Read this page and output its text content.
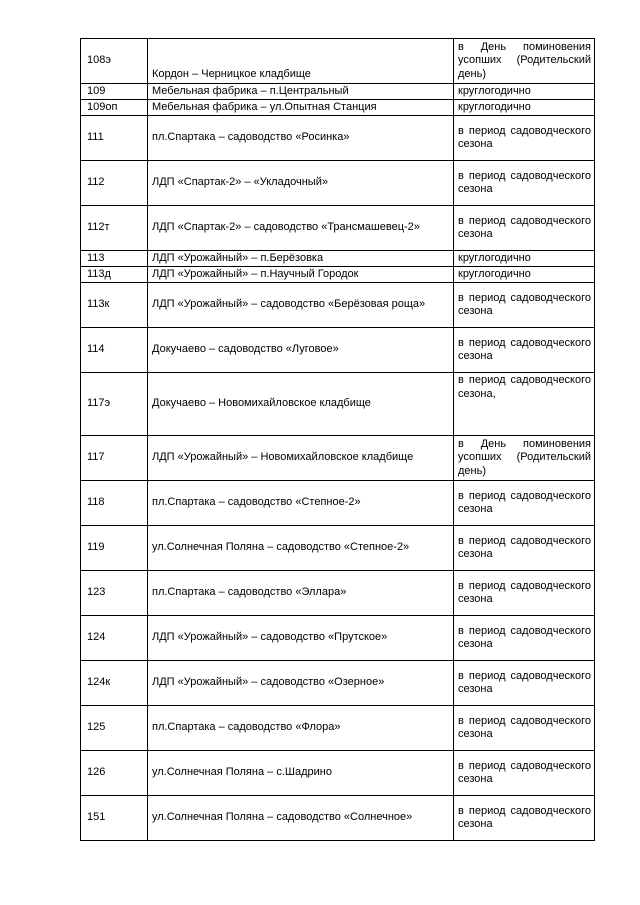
108э	Кордон – Черницкое кладбище	в День поминовения усопших (Родительский день)
109	Мебельная фабрика – п.Центральный	круглогодично
109оп	Мебельная фабрика – ул.Опытная Станция	круглогодично
111	пл.Спартака – садоводство «Росинка»	в период садоводческого сезона
112	ЛДП «Спартак-2» – «Укладочный»	в период садоводческого сезона
112т	ЛДП «Спартак-2» – садоводство «Трансмашевец-2»	в период садоводческого сезона
113	ЛДП «Урожайный» – п.Берёзовка	круглогодично
113д	ЛДП «Урожайный» – п.Научный Городок	круглогодично
113к	ЛДП «Урожайный» – садоводство «Берёзовая роща»	в период садоводческого сезона
114	Докучаево – садоводство «Луговое»	в период садоводческого сезона
117э	Докучаево – Новомихайловское кладбище	в период садоводческого сезона,
117	ЛДП «Урожайный» – Новомихайловское кладбище	в День поминовения усопших (Родительский день)
118	пл.Спартака – садоводство «Степное-2»	в период садоводческого сезона
119	ул.Солнечная Поляна – садоводство «Степное-2»	в период садоводческого сезона
123	пл.Спартака – садоводство «Эллара»	в период садоводческого сезона
124	ЛДП «Урожайный» – садоводство «Прутское»	в период садоводческого сезона
124к	ЛДП «Урожайный» – садоводство «Озерное»	в период садоводческого сезона
125	пл.Спартака – садоводство «Флора»	в период садоводческого сезона
126	ул.Солнечная Поляна – с.Шадрино	в период садоводческого сезона
151	ул.Солнечная Поляна – садоводство «Солнечное»	в период садоводческого сезона
